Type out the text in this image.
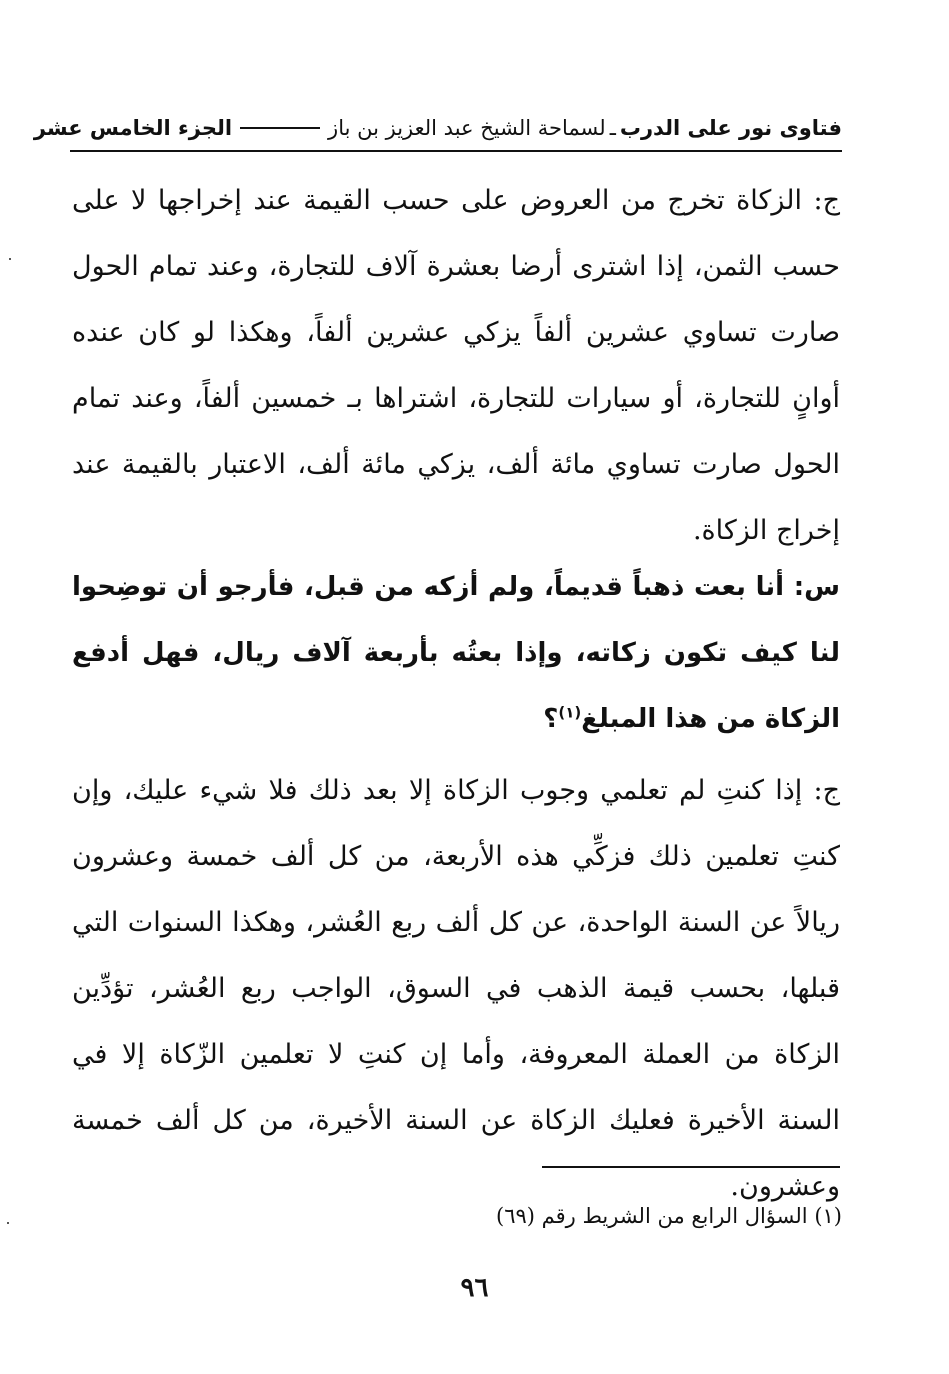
فتاوى نور على الدرب
ـ
لسماحة الشيخ عبد العزيز بن باز
الجزء الخامس عشر

ج: الزكاة تخرج من العروض على حسب القيمة عند إخراجها لا على حسب الثمن، إذا اشترى أرضا بعشرة آلاف للتجارة، وعند تمام الحول صارت تساوي عشرين ألفاً يزكي عشرين ألفاً، وهكذا لو كان عنده أوانٍ للتجارة، أو سيارات للتجارة، اشتراها بـ خمسين ألفاً، وعند تمام الحول صارت تساوي مائة ألف، يزكي مائة ألف، الاعتبار بالقيمة عند إخراج الزكاة.

س: أنا بعت ذهباً قديماً، ولم أزكه من قبل، فأرجو أن توضِحوا لنا كيف تكون زكاته، وإذا بعتُه بأربعة آلاف ريال، فهل أدفع الزكاة من هذا المبلغ$^{(١)}$؟

ج: إذا كنتِ لم تعلمي وجوب الزكاة إلا بعد ذلك فلا شيء عليك، وإن كنتِ تعلمين ذلك فزكِّي هذه الأربعة، من كل ألف خمسة وعشرون ريالاً عن السنة الواحدة، عن كل ألف ربع العُشر، وهكذا السنوات التي قبلها، بحسب قيمة الذهب في السوق، الواجب ربع العُشر، تؤدِّين الزكاة من العملة المعروفة، وأما إن كنتِ لا تعلمين الزّكاة إلا في السنة الأخيرة فعليك الزكاة عن السنة الأخيرة، من كل ألف خمسة وعشرون.

(١) السؤال الرابع من الشريط رقم (٦٩)
٩٦
